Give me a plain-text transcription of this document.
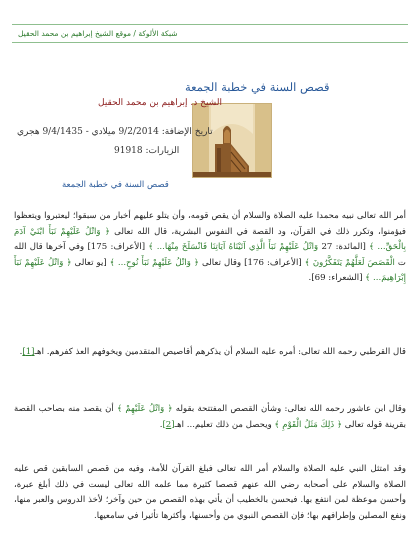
شبكة الألوكة / موقع الشيخ إبراهيم بن محمد الحقيل
قصص السنة في خطبة الجمعة
الشيخ د. إبراهيم بن محمد الحقيل
تاريخ الإضافة: 9/2/2014 ميلادي - 9/4/1435 هجري
الزيارات: 91918
قصص السنة في خطبة الجمعة
أمر الله تعالى نبيه محمدا عليه الصلاة والسلام أن يقص قومه، وأن يتلو عليهم أخبار من سبقوا؛ ليعتبروا ويتعظوا فيؤمنوا، وتكرر ذلك في القرآن، ود القصة في النفوس البشرية، قال الله تعالى ﴿ وَاتْلُ عَلَيْهِمْ نَبَأَ ابْنَيْ آدَمَ بِالْحَقِّ... ﴾ [المائدة: 27 وَاتْلُ عَلَيْهِمْ نَبَأَ الَّذِي آتَيْنَاهُ آيَاتِنَا فَانْسَلَخَ مِنْهَا... ﴾ [الأعراف: 175] وفي آخرها قال الله ت الْقَصَصَ لَعَلَّهُمْ يَتَفَكَّرُونَ ﴾ [الأعراف: 176] وقال تعالى ﴿ وَاتْلُ عَلَيْهِمْ نَبَأَ نُوحٍ... ﴾ [يو تعالى ﴿ وَاتْلُ عَلَيْهِمْ نَبَأَ إِبْرَاهِيمَ... ﴾ [الشعراء: 69].
قال القرطبي رحمه الله تعالى: أمره عليه السلام أن يذكرهم أقاصيص المتقدمين ويخوفهم العذ كفرهم. اهـ[1].
وقال ابن عاشور رحمه الله تعالى: وشأن القصص المفتتحة بقوله ﴿ وَاتْلُ عَلَيْهِمْ ﴾ أن يقصد منه بصاحب القصة بقرينة قوله تعالى ﴿ ذَلِكَ مَثَلُ الْقَوْمِ ﴾ ويحصل من ذلك تعليم... اهـ[2].
وقد امتثل النبي عليه الصلاة والسلام أمر الله تعالى فبلغ القرآن للأمة، وفيه من قصص السابقين قص عليه الصلاة والسلام على أصحابه رضي الله عنهم قصصا كثيرة مما علمه الله تعالى ليست في ذلك أبلغ عبرة، وأحسن موعظة لمن انتفع بها. فيحسن بالخطيب أن يأتي بهذه القصص من حين وآخر؛ لأخذ الدروس والعبر منها، ونفع المصلين وإطرافهم بها؛ فإن القصص النبوي من وأحسنها، وأكثرها تأثيرا في سامعيها.
